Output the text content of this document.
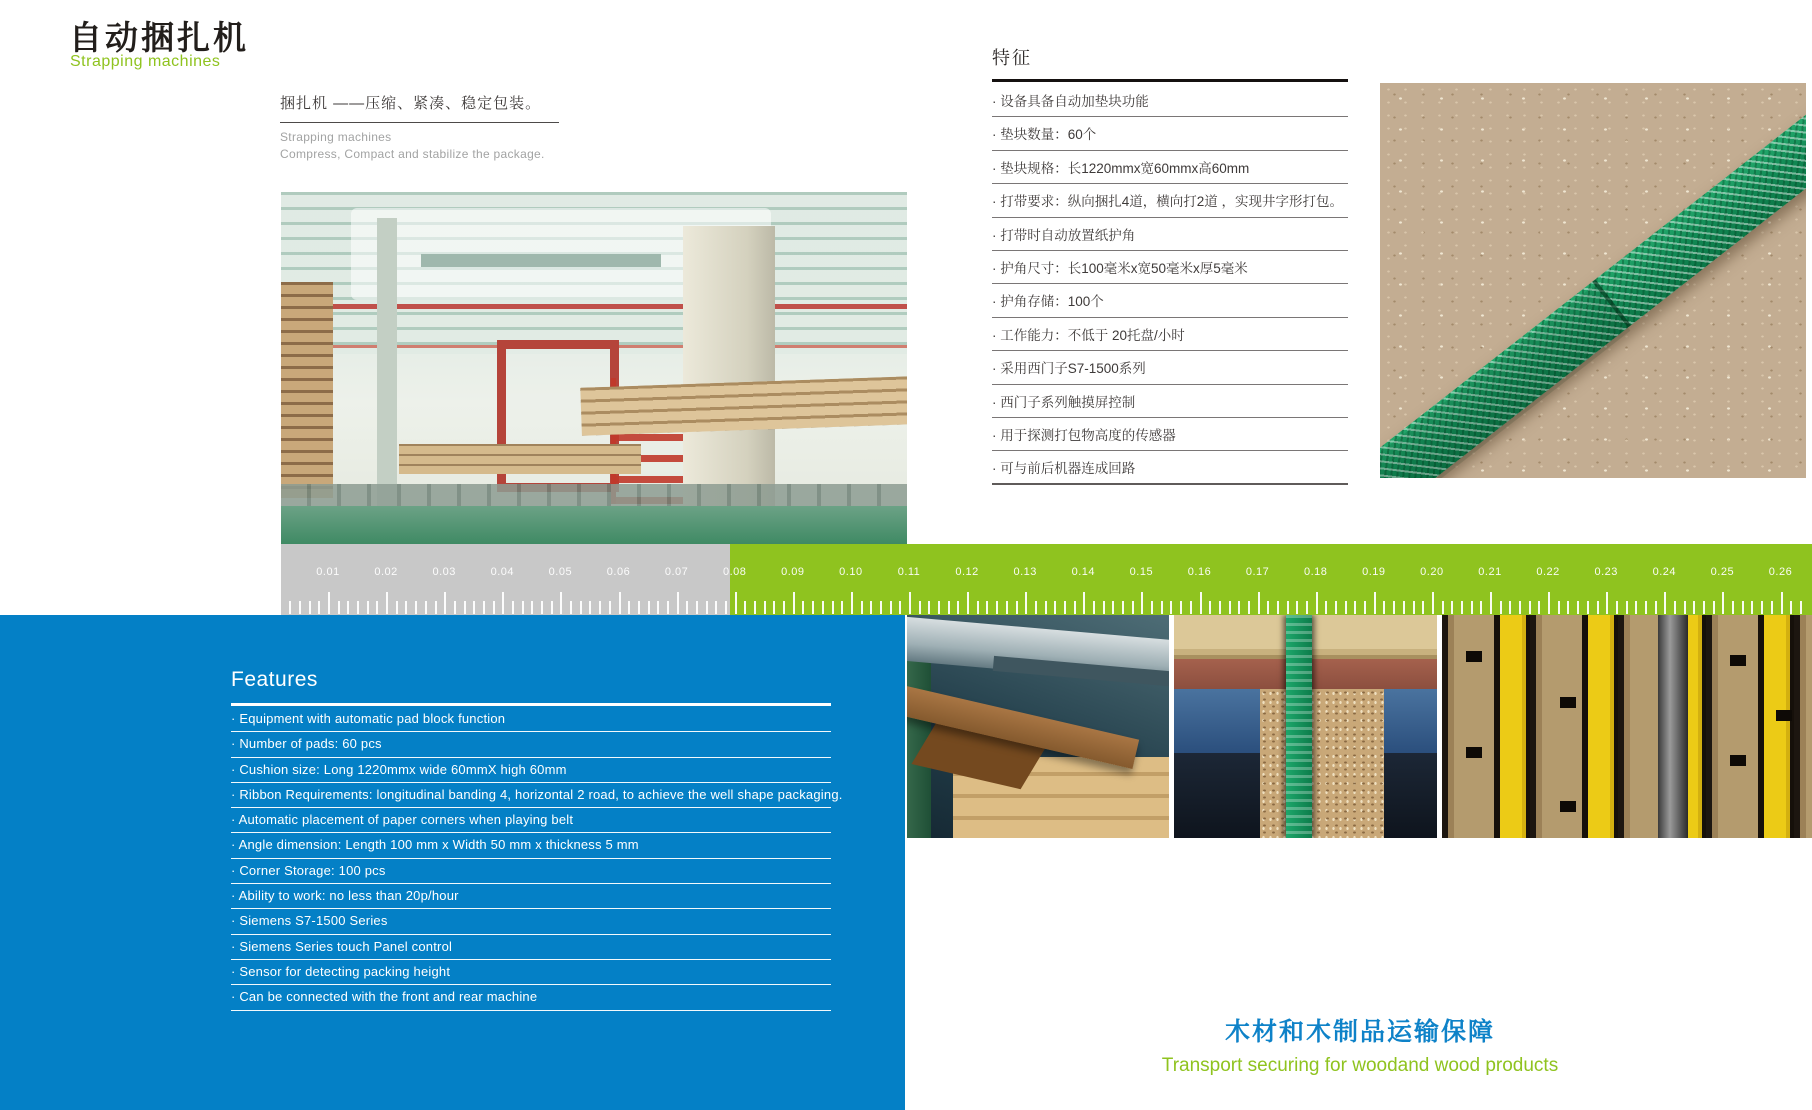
自动捆扎机
Strapping machines
捆扎机 ——压缩、紧凑、稳定包装。
Strapping machines
Compress, Compact and stabilize the package.
特征
· 设备具备自动加垫块功能
· 垫块数量：60个
· 垫块规格：长1220mmx宽60mmx高60mm
· 打带要求：纵向捆扎4道，横向打2道 ，实现井字形打包。
· 打带时自动放置纸护角
· 护角尺寸：长100毫米x宽50毫米x厚5毫米
· 护角存储：100个
· 工作能力：不低于 20托盘/小时
· 采用西门子S7-1500系列
· 西门子系列触摸屏控制
· 用于探测打包物高度的传感器
· 可与前后机器连成回路
0.01	0.02	0.03	0.04	0.05	0.06	0.07	0.08	0.09	0.10	0.11	0.12	0.13	0.14	0.15	0.16	0.17	0.18	0.19	0.20	0.21	0.22	0.23	0.24	0.25	0.26
Features
· Equipment with automatic pad block function
· Number of pads: 60 pcs
· Cushion size: Long 1220mmx wide 60mmX high 60mm
· Ribbon Requirements: longitudinal banding 4, horizontal 2 road, to achieve the well shape packaging.
· Automatic placement of paper corners when playing belt
· Angle dimension: Length 100 mm x Width 50 mm x thickness 5 mm
· Corner Storage: 100 pcs
· Ability to work: no less than 20p/hour
· Siemens S7-1500 Series
· Siemens Series touch Panel control
· Sensor for detecting packing height
· Can be connected with the front and rear machine
木材和木制品运输保障
Transport securing for woodand wood products
